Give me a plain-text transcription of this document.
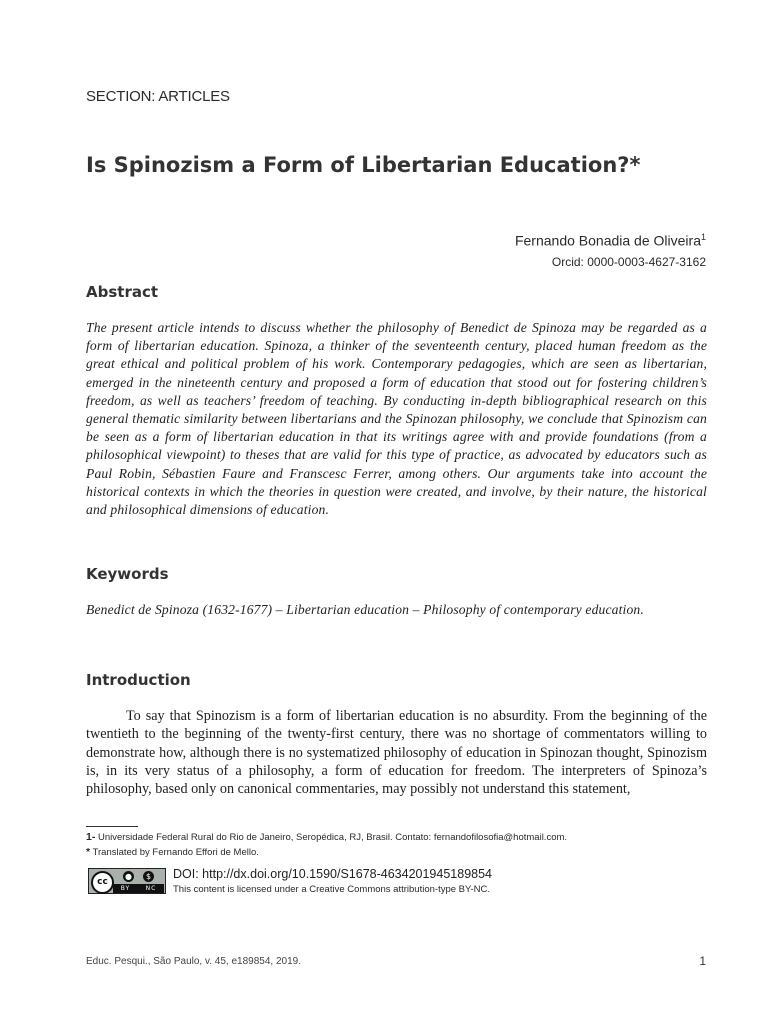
SECTION: ARTICLES
Is Spinozism a Form of Libertarian Education?*
Fernando Bonadia de Oliveira$^1$
Orcid: 0000-0003-4627-3162
Abstract

The present article intends to discuss whether the philosophy of Benedict de Spinoza may be regarded as a form of libertarian education. Spinoza, a thinker of the seventeenth century, placed human freedom as the great ethical and political problem of his work. Contemporary pedagogies, which are seen as libertarian, emerged in the nineteenth century and proposed a form of education that stood out for fostering children’s freedom, as well as teachers’ freedom of teaching. By conducting in-depth bibliographical research on this general thematic similarity between libertarians and the Spinozan philosophy, we conclude that Spinozism can be seen as a form of libertarian education in that its writings agree with and provide foundations (from a philosophical viewpoint) to theses that are valid for this type of practice, as advocated by educators such as Paul Robin, Sébastien Faure and Franscesc Ferrer, among others. Our arguments take into account the historical contexts in which the theories in question were created, and involve, by their nature, the historical and philosophical dimensions of education.

Keywords

Benedict de Spinoza (1632-1677) – Libertarian education – Philosophy of contemporary education.

Introduction

To say that Spinozism is a form of libertarian education is no absurdity. From the beginning of the twentieth to the beginning of the twenty-first century, there was no shortage of commentators willing to demonstrate how, although there is no systematized philosophy of education in Spinozan thought, Spinozism is, in its very status of a philosophy, a form of education for freedom. The interpreters of Spinoza’s philosophy, based only on canonical commentaries, may possibly not understand this statement,

1- Universidade Federal Rural do Rio de Janeiro, Seropédica, RJ, Brasil. Contato: fernandofilosofia@hotmail.com.
* Translated by Fernando Effori de Mello.
cc
●	$
BY	NC
DOI: http://dx.doi.org/10.1590/S1678-4634201945189854
This content is licensed under a Creative Commons attribution-type BY-NC.
Educ. Pesqui., São Paulo, v. 45, e189854, 2019.	1
